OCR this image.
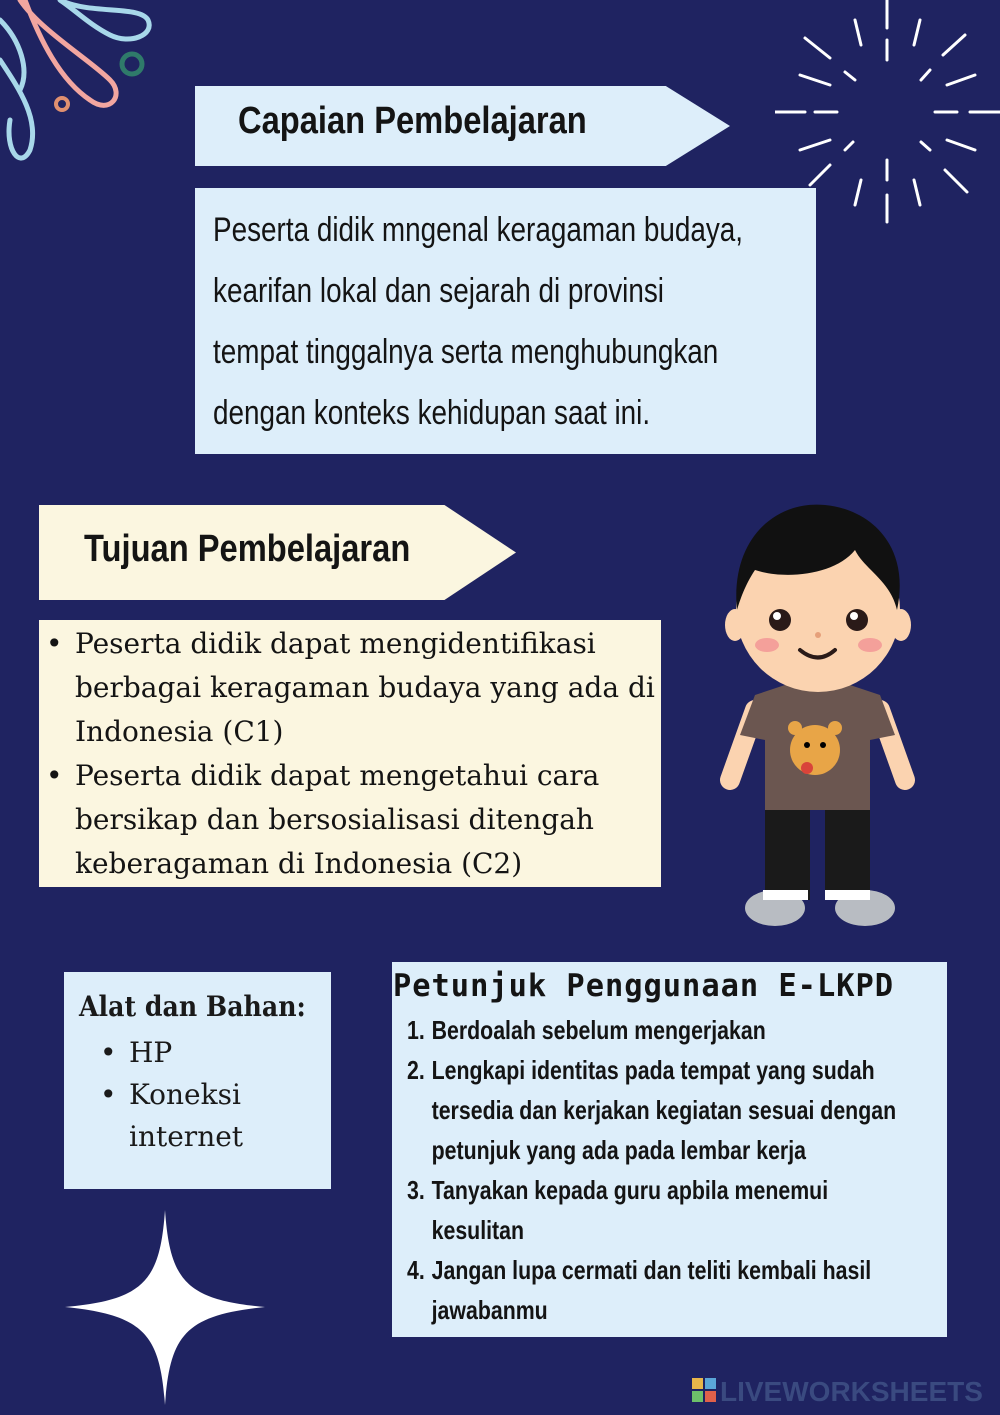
Capaian Pembelajaran
Peserta didik mngenal keragaman budaya,
kearifan lokal dan sejarah di provinsi
tempat tinggalnya serta menghubungkan
dengan konteks kehidupan saat ini.
Tujuan Pembelajaran
• Peserta didik dapat mengidentifikasi berbagai keragaman budaya yang ada di Indonesia (C1)
• Peserta didik dapat mengetahui cara bersikap dan bersosialisasi ditengah keberagaman di Indonesia (C2)
Alat dan Bahan:
• HP
• Koneksi internet
Petunjuk Penggunaan E-LKPD
1. Berdoalah sebelum mengerjakan
2. Lengkapi identitas pada tempat yang sudah tersedia dan kerjakan kegiatan sesuai dengan petunjuk yang ada pada lembar kerja
3. Tanyakan kepada guru apbila menemui kesulitan
4. Jangan lupa cermati dan teliti kembali hasil jawabanmu
LIVEWORKSHEETS
